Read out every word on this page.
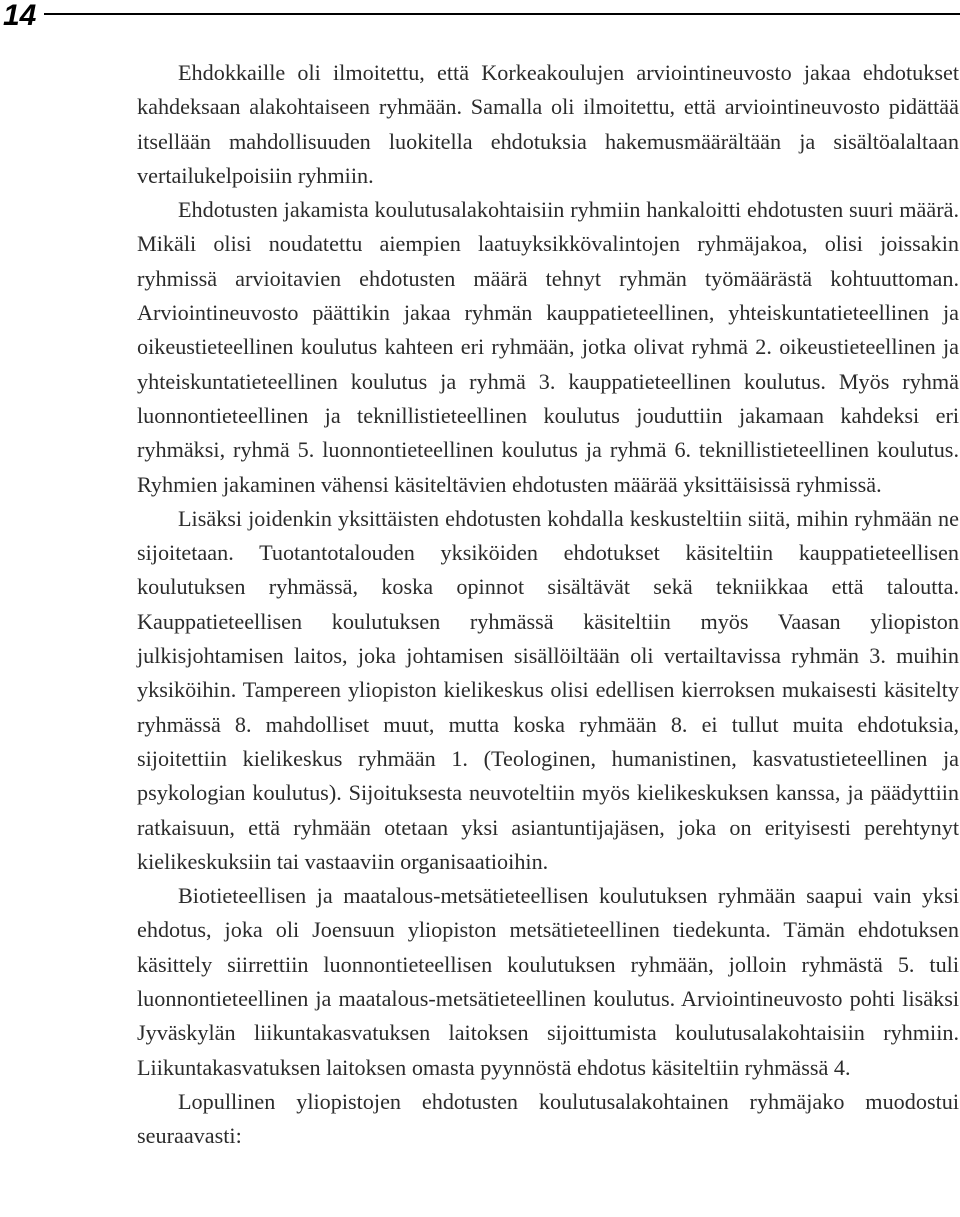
14

Ehdokkaille oli ilmoitettu, että Korkeakoulujen arviointineuvosto jakaa ehdotukset kahdeksaan alakohtaiseen ryhmään. Samalla oli ilmoitettu, että arviointineuvosto pidättää itsellään mahdollisuuden luokitella ehdotuksia hakemusmäärältään ja sisältöalaltaan vertailukelpoisiin ryhmiin.

Ehdotusten jakamista koulutusalakohtaisiin ryhmiin hankaloitti ehdotusten suuri määrä. Mikäli olisi noudatettu aiempien laatuyksikkövalintojen ryhmäjakoa, olisi joissakin ryhmissä arvioitavien ehdotusten määrä tehnyt ryhmän työmäärästä kohtuuttoman. Arviointineuvosto päättikin jakaa ryhmän kauppatieteellinen, yhteiskuntatieteellinen ja oikeustieteellinen koulutus kahteen eri ryhmään, jotka olivat ryhmä 2. oikeustieteellinen ja yhteiskuntatieteellinen koulutus ja ryhmä 3. kauppatieteellinen koulutus. Myös ryhmä luonnontieteellinen ja teknillistieteellinen koulutus jouduttiin jakamaan kahdeksi eri ryhmäksi, ryhmä 5. luonnontieteellinen koulutus ja ryhmä 6. teknillistieteellinen koulutus. Ryhmien jakaminen vähensi käsiteltävien ehdotusten määrää yksittäisissä ryhmissä.

Lisäksi joidenkin yksittäisten ehdotusten kohdalla keskusteltiin siitä, mihin ryhmään ne sijoitetaan. Tuotantotalouden yksiköiden ehdotukset käsiteltiin kauppatieteellisen koulutuksen ryhmässä, koska opinnot sisältävät sekä tekniikkaa että taloutta. Kauppatieteellisen koulutuksen ryhmässä käsiteltiin myös Vaasan yliopiston julkisjohtamisen laitos, joka johtamisen sisällöiltään oli vertailtavissa ryhmän 3. muihin yksiköihin. Tampereen yliopiston kielikeskus olisi edellisen kierroksen mukaisesti käsitelty ryhmässä 8. mahdolliset muut, mutta koska ryhmään 8. ei tullut muita ehdotuksia, sijoitettiin kielikeskus ryhmään 1. (Teologinen, humanistinen, kasvatustieteellinen ja psykologian koulutus). Sijoituksesta neuvoteltiin myös kielikeskuksen kanssa, ja päädyttiin ratkaisuun, että ryhmään otetaan yksi asiantuntijajäsen, joka on erityisesti perehtynyt kielikeskuksiin tai vastaaviin organisaatioihin.

Biotieteellisen ja maatalous-metsätieteellisen koulutuksen ryhmään saapui vain yksi ehdotus, joka oli Joensuun yliopiston metsätieteellinen tiedekunta. Tämän ehdotuksen käsittely siirrettiin luonnontieteellisen koulutuksen ryhmään, jolloin ryhmästä 5. tuli luonnontieteellinen ja maatalous-metsätieteellinen koulutus. Arviointineuvosto pohti lisäksi Jyväskylän liikuntakasvatuksen laitoksen sijoittumista koulutusalakohtaisiin ryhmiin. Liikuntakasvatuksen laitoksen omasta pyynnöstä ehdotus käsiteltiin ryhmässä 4.

Lopullinen yliopistojen ehdotusten koulutusalakohtainen ryhmäjako muodostui seuraavasti:
